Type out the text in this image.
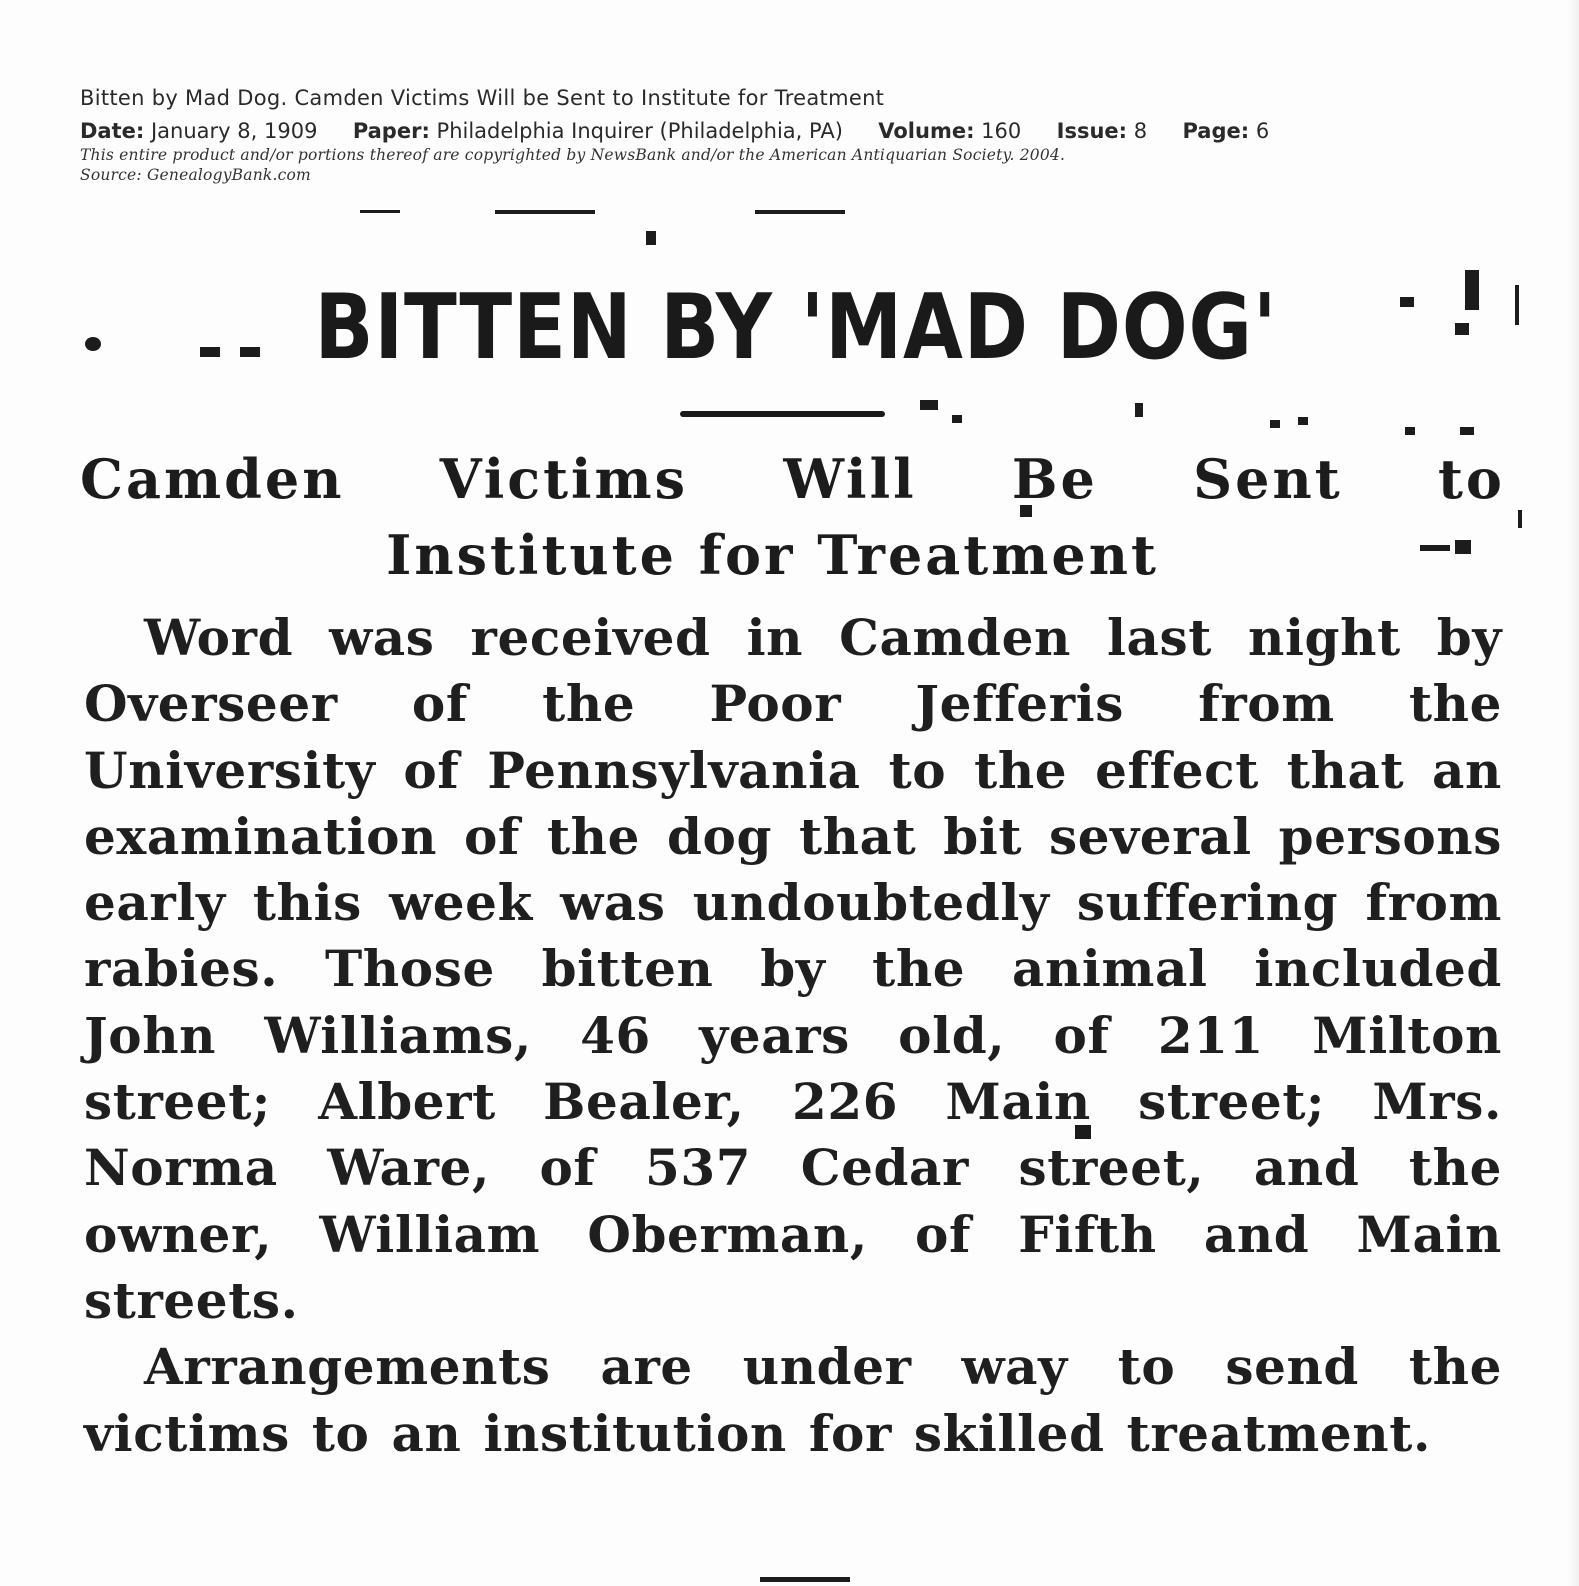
Bitten by Mad Dog. Camden Victims Will be Sent to Institute for Treatment
Date: January 8, 1909 Paper: Philadelphia Inquirer (Philadelphia, PA) Volume: 160 Issue: 8 Page: 6
This entire product and/or portions thereof are copyrighted by NewsBank and/or the American Antiquarian Society. 2004.
Source: GenealogyBank.com
BITTEN BY 'MAD DOG'
Camden Victims Will Be Sent to
Institute for Treatment

Word was received in Camden last night by Overseer of the Poor Jefferis from the University of Pennsylvania to the effect that an examination of the dog that bit several persons early this week was undoubtedly suffering from rabies. Those bitten by the animal included John Williams, 46 years old, of 211 Milton street; Albert Bealer, 226 Main street; Mrs. Norma Ware, of 537 Cedar street, and the owner, William Oberman, of Fifth and Main streets.

Arrangements are under way to send the victims to an institution for skilled treatment.
